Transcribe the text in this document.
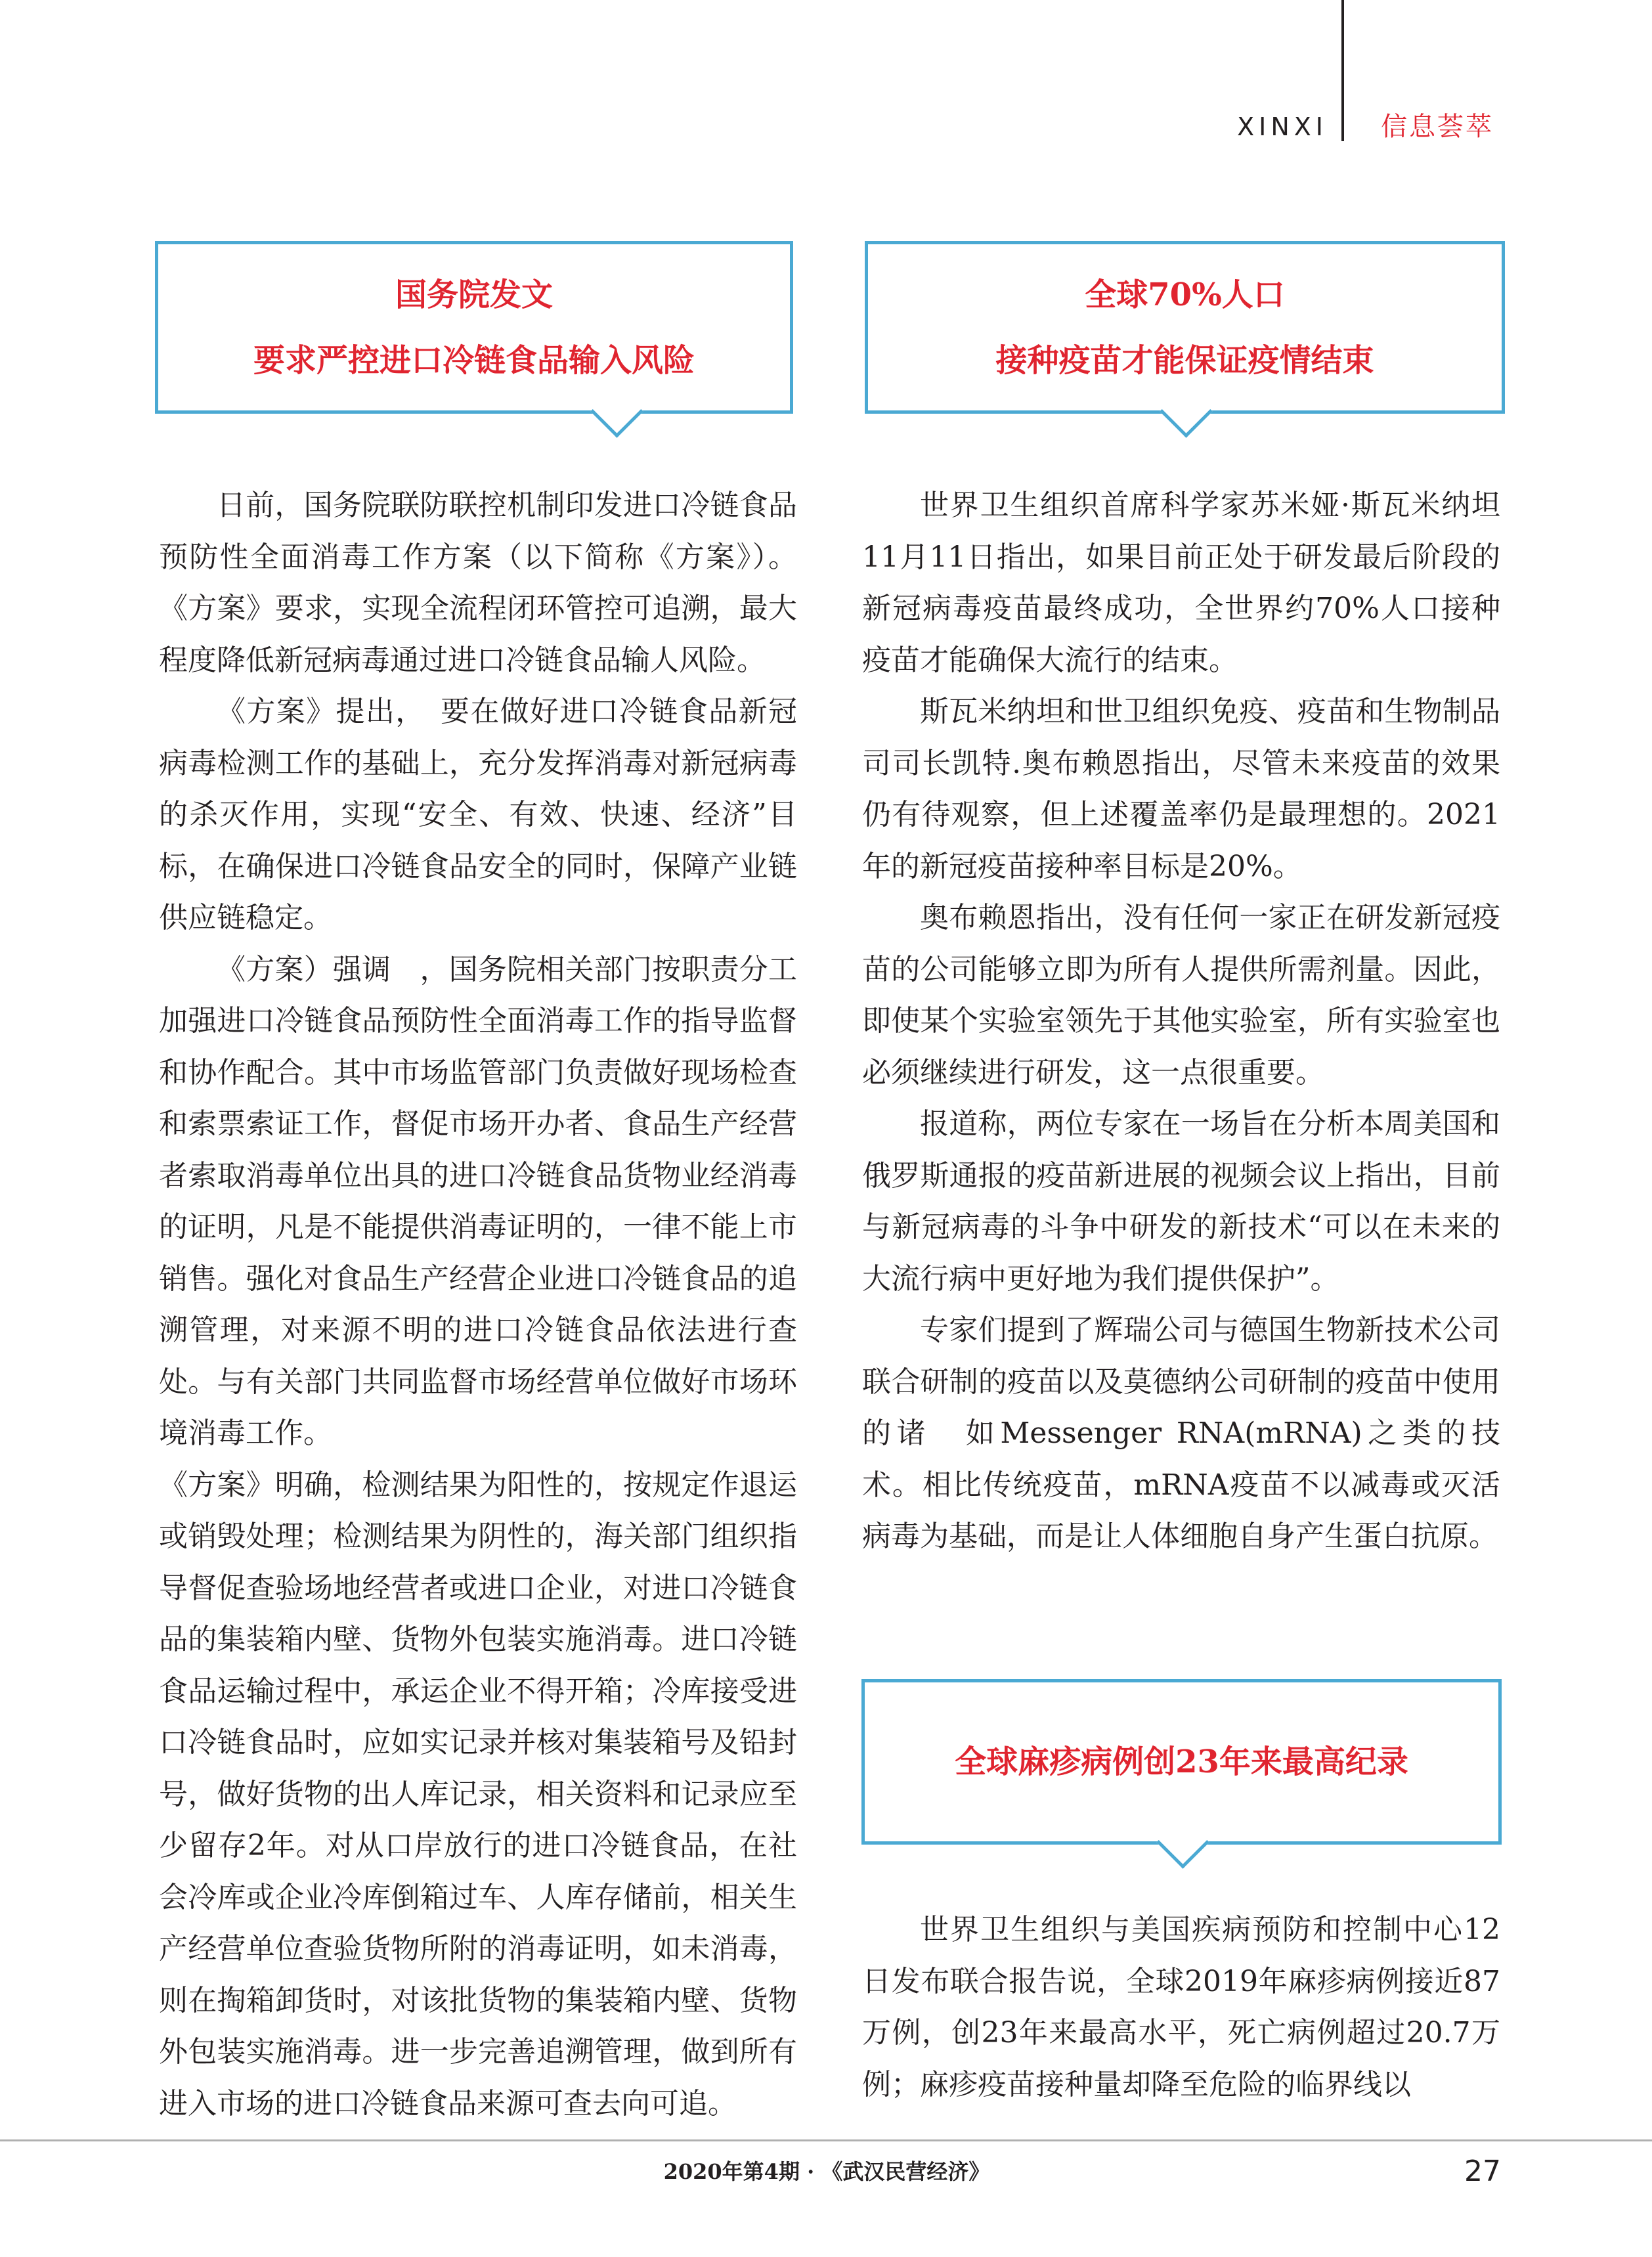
XINXI 信息荟萃
国务院发文
要求严控进口冷链食品输入风险
全球70%人口
接种疫苗才能保证疫情结束

日前，国务院联防联控机制印发进口冷链食品预防性全面消毒工作方案（以下简称《方案》）。《方案》要求，实现全流程闭环管控可追溯，最大程度降低新冠病毒通过进口冷链食品输人风险。

《方案》提出，　要在做好进口冷链食品新冠病毒检测工作的基础上，充分发挥消毒对新冠病毒的杀灭作用，实现“安全、有效、快速、经济”目标，在确保进口冷链食品安全的同时，保障产业链供应链稳定。

《方案）强调　，国务院相关部门按职责分工加强进口冷链食品预防性全面消毒工作的指导监督和协作配合。其中市场监管部门负责做好现场检查和索票索证工作，督促市场开办者、食品生产经营者索取消毒单位出具的进口冷链食品货物业经消毒的证明，凡是不能提供消毒证明的，一律不能上市销售。强化对食品生产经营企业进口冷链食品的追溯管理，对来源不明的进口冷链食品依法进行查处。与有关部门共同监督市场经营单位做好市场环境消毒工作。

《方案》明确，检测结果为阳性的，按规定作退运或销毁处理；检测结果为阴性的，海关部门组织指导督促查验场地经营者或进口企业，对进口冷链食品的集装箱内壁、货物外包装实施消毒。进口冷链食品运输过程中，承运企业不得开箱；冷库接受进口冷链食品时，应如实记录并核对集装箱号及铅封号，做好货物的出人库记录，相关资料和记录应至少留存2年。对从口岸放行的进口冷链食品，在社会冷库或企业冷库倒箱过车、人库存储前，相关生产经营单位查验货物所附的消毒证明，如未消毒，则在掏箱卸货时，对该批货物的集装箱内壁、货物外包装实施消毒。进一步完善追溯管理，做到所有进入市场的进口冷链食品来源可查去向可追。

世界卫生组织首席科学家苏米娅·斯瓦米纳坦11月11日指出，如果目前正处于研发最后阶段的新冠病毒疫苗最终成功，全世界约70%人口接种疫苗才能确保大流行的结束。

斯瓦米纳坦和世卫组织免疫、疫苗和生物制品司司长凯特.奥布赖恩指出，尽管未来疫苗的效果仍有待观察，但上述覆盖率仍是最理想的。2021年的新冠疫苗接种率目标是20%。

奥布赖恩指出，没有任何一家正在研发新冠疫苗的公司能够立即为所有人提供所需剂量。因此，即使某个实验室领先于其他实验室，所有实验室也必须继续进行研发，这一点很重要。

报道称，两位专家在一场旨在分析本周美国和俄罗斯通报的疫苗新进展的视频会议上指出，目前与新冠病毒的斗争中研发的新技术“可以在未来的大流行病中更好地为我们提供保护”。

专家们提到了辉瑞公司与德国生物新技术公司联合研制的疫苗以及莫德纳公司研制的疫苗中使用的诸　如Messenger RNA(mRNA)之类的技术。相比传统疫苗，mRNA疫苗不以减毒或灭活病毒为基础，而是让人体细胞自身产生蛋白抗原。

全球麻疹病例创23年来最高纪录

世界卫生组织与美国疾病预防和控制中心12日发布联合报告说，全球2019年麻疹病例接近87万例，创23年来最高水平，死亡病例超过20.7万例；麻疹疫苗接种量却降至危险的临界线以

2020年第4期 · 《武汉民营经济》	27
